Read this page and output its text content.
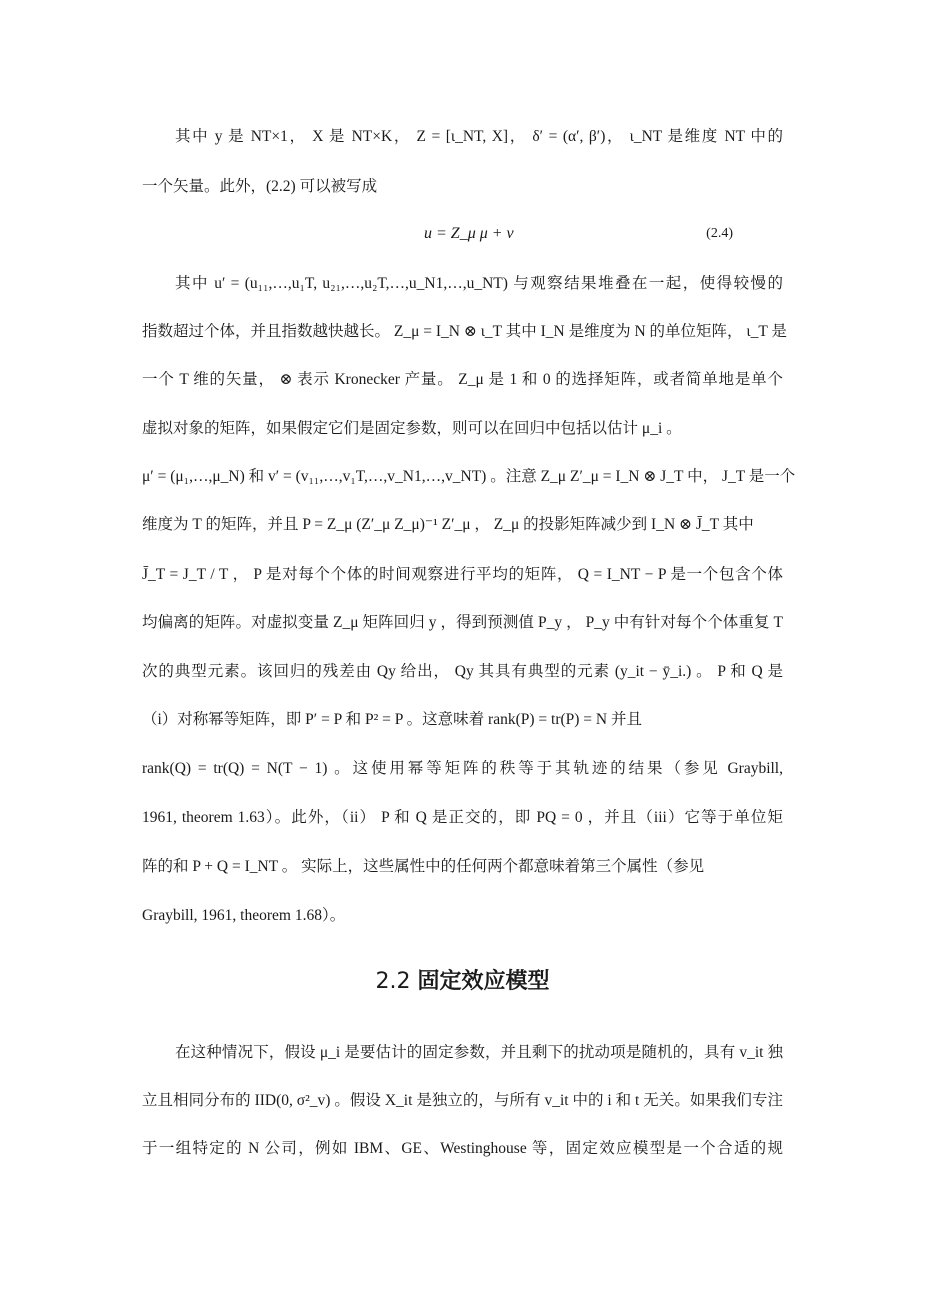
其中 y 是 NT×1， X 是 NT×K， Z = [ι_NT, X]， δ′ = (α′, β′)， ι_NT 是维度 NT 中的
一个矢量。此外，(2.2) 可以被写成
u = Z_μ μ + v	(2.4)
其中 u′ = (u₁₁,…,u₁T, u₂₁,…,u₂T,…,u_N1,…,u_NT) 与观察结果堆叠在一起，使得较慢的
指数超过个体，并且指数越快越长。 Z_μ = I_N ⊗ ι_T 其中 I_N 是维度为 N 的单位矩阵， ι_T 是
一个 T 维的矢量， ⊗ 表示 Kronecker 产量。 Z_μ 是 1 和 0 的选择矩阵，或者简单地是单个
虚拟对象的矩阵，如果假定它们是固定参数，则可以在回归中包括以估计 μ_i 。
μ′ = (μ₁,…,μ_N) 和 v′ = (v₁₁,…,v₁T,…,v_N1,…,v_NT) 。注意 Z_μ Z′_μ = I_N ⊗ J_T 中， J_T 是一个
维度为 T 的矩阵，并且 P = Z_μ (Z′_μ Z_μ)⁻¹ Z′_μ ， Z_μ 的投影矩阵减少到 I_N ⊗ J̄_T 其中
J̄_T = J_T / T ， P 是对每个个体的时间观察进行平均的矩阵， Q = I_NT − P 是一个包含个体
均偏离的矩阵。对虚拟变量 Z_μ 矩阵回归 y ，得到预测值 P_y ， P_y 中有针对每个个体重复 T
次的典型元素。该回归的残差由 Qy 给出， Qy 其具有典型的元素 (y_it − ȳ_i.) 。 P 和 Q 是
（i）对称幂等矩阵，即 P′ = P 和 P² = P 。这意味着 rank(P) = tr(P) = N 并且
rank(Q) = tr(Q) = N(T − 1) 。这使用幂等矩阵的秩等于其轨迹的结果（参见 Graybill,
1961, theorem 1.63）。此外，（ii） P 和 Q 是正交的，即 PQ = 0 ，并且（iii）它等于单位矩
阵的和 P + Q = I_NT 。 实际上，这些属性中的任何两个都意味着第三个属性（参见
Graybill, 1961, theorem 1.68）。
2.2 固定效应模型
在这种情况下，假设 μ_i 是要估计的固定参数，并且剩下的扰动项是随机的，具有 v_it 独
立且相同分布的 IID(0, σ²_v) 。假设 X_it 是独立的，与所有 v_it 中的 i 和 t 无关。如果我们专注
于一组特定的 N 公司，例如 IBM、GE、Westinghouse 等，固定效应模型是一个合适的规
